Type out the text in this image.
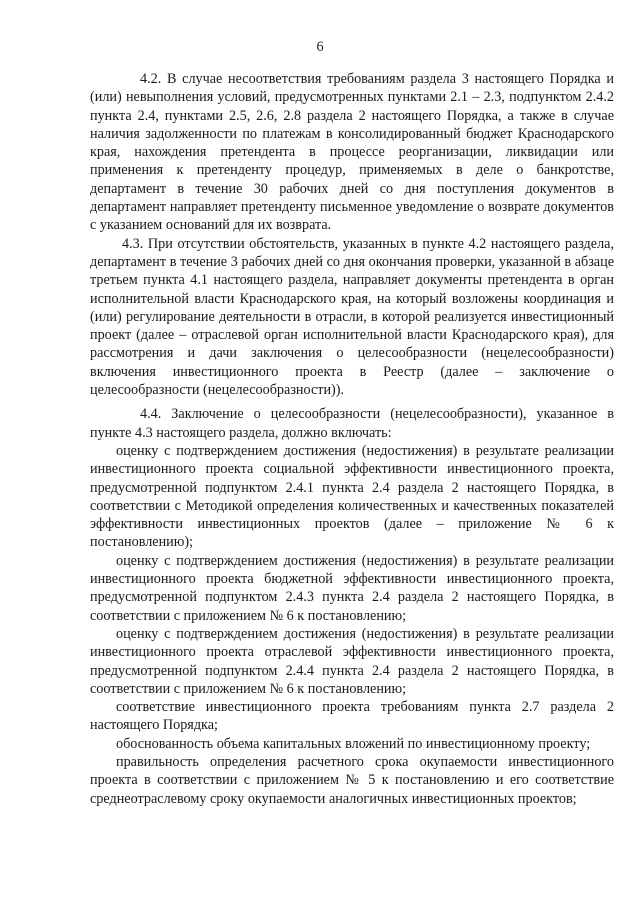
6

4.2. В случае несоответствия требованиям раздела 3 настоящего Порядка и (или) невыполнения условий, предусмотренных пунктами 2.1 – 2.3, подпунктом 2.4.2 пункта 2.4, пунктами 2.5, 2.6, 2.8 раздела 2 настоящего Порядка, а также в случае наличия задолженности по платежам в консолидированный бюджет Краснодарского края, нахождения претендента в процессе реорганизации, ликвидации или применения к претенденту процедур, применяемых в деле о банкротстве, департамент в течение 30 рабочих дней со дня поступления документов в департамент направляет претенденту письменное уведомление о возврате документов с указанием оснований для их возврата.

4.3. При отсутствии обстоятельств, указанных в пункте 4.2 настоящего раздела, департамент в течение 3 рабочих дней со дня окончания проверки, указанной в абзаце третьем пункта 4.1 настоящего раздела, направляет документы претендента в орган исполнительной власти Краснодарского края, на который возложены координация и (или) регулирование деятельности в отрасли, в которой реализуется инвестиционный проект (далее – отраслевой орган исполнительной власти Краснодарского края), для рассмотрения и дачи заключения о целесообразности (нецелесообразности) включения инвестиционного проекта в Реестр (далее – заключение о целесообразности (нецелесообразности)).

4.4. Заключение о целесообразности (нецелесообразности), указанное в пункте 4.3 настоящего раздела, должно включать:

оценку с подтверждением достижения (недостижения) в результате реализации инвестиционного проекта социальной эффективности инвестиционного проекта, предусмотренной подпунктом 2.4.1 пункта 2.4 раздела 2 настоящего Порядка, в соответствии с Методикой определения количественных и качественных показателей эффективности инвестиционных проектов (далее – приложение № 6 к постановлению);

оценку с подтверждением достижения (недостижения) в результате реализации инвестиционного проекта бюджетной эффективности инвестиционного проекта, предусмотренной подпунктом 2.4.3 пункта 2.4 раздела 2 настоящего Порядка, в соответствии с приложением № 6 к постановлению;

оценку с подтверждением достижения (недостижения) в результате реализации инвестиционного проекта отраслевой эффективности инвестиционного проекта, предусмотренной подпунктом 2.4.4 пункта 2.4 раздела 2 настоящего Порядка, в соответствии с приложением № 6 к постановлению;

соответствие инвестиционного проекта требованиям пункта 2.7 раздела 2 настоящего Порядка;

обоснованность объема капитальных вложений по инвестиционному проекту;

правильность определения расчетного срока окупаемости инвестиционного проекта в соответствии с приложением № 5 к постановлению и его соответствие среднеотраслевому сроку окупаемости аналогичных инвестиционных проектов;
